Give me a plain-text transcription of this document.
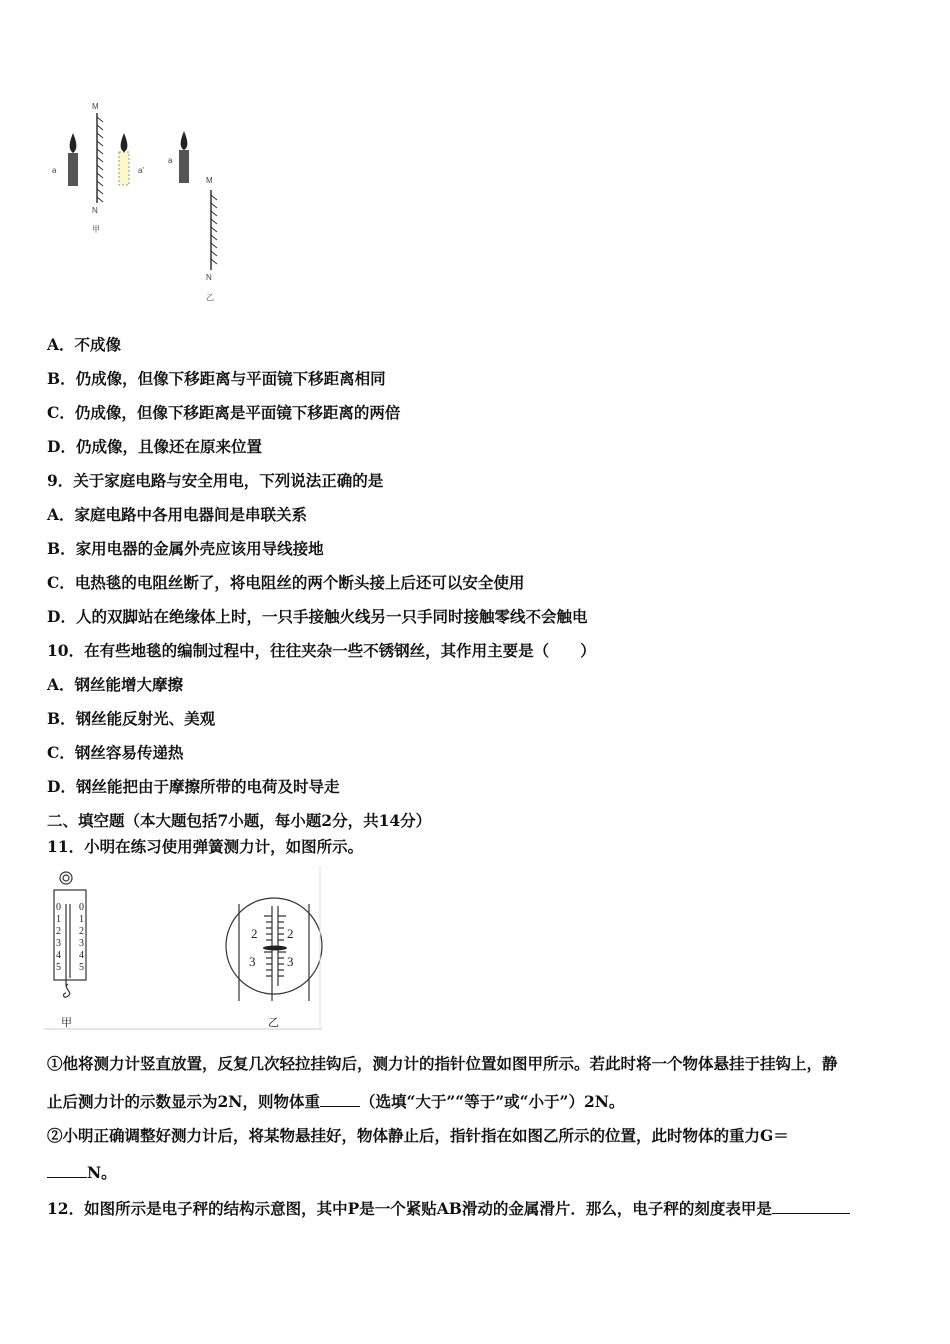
M
N
a	a'
甲
a
M
N
乙
A．不成像
B．仍成像，但像下移距离与平面镜下移距离相同
C．仍成像，但像下移距离是平面镜下移距离的两倍
D．仍成像，且像还在原来位置
9．关于家庭电路与安全用电，下列说法正确的是
A．家庭电路中各用电器间是串联关系
B．家用电器的金属外壳应该用导线接地
C．电热毯的电阻丝断了，将电阻丝的两个断头接上后还可以安全使用
D．人的双脚站在绝缘体上时，一只手接触火线另一只手同时接触零线不会触电
10．在有些地毯的编制过程中，往往夹杂一些不锈钢丝，其作用主要是（　　）
A．钢丝能增大摩擦
B．钢丝能反射光、美观
C．钢丝容易传递热
D．钢丝能把由于摩擦所带的电荷及时导走
二、填空题（本大题包括7小题，每小题2分，共14分）
11．小明在练习使用弹簧测力计，如图所示。
0
1
2
3
4
5
0
1
2
3
4
5
2 2
3 3
甲	乙
①他将测力计竖直放置，反复几次轻拉挂钩后，测力计的指针位置如图甲所示。若此时将一个物体悬挂于挂钩上，静
止后测力计的示数显示为2N，则物体重	（选填“大于”“等于”或“小于”）2N。
②小明正确调整好测力计后，将某物悬挂好，物体静止后，指针指在如图乙所示的位置，此时物体的重力G＝
N。
12．如图所示是电子秤的结构示意图，其中P是一个紧贴AB滑动的金属滑片．那么，电子秤的刻度表甲是
